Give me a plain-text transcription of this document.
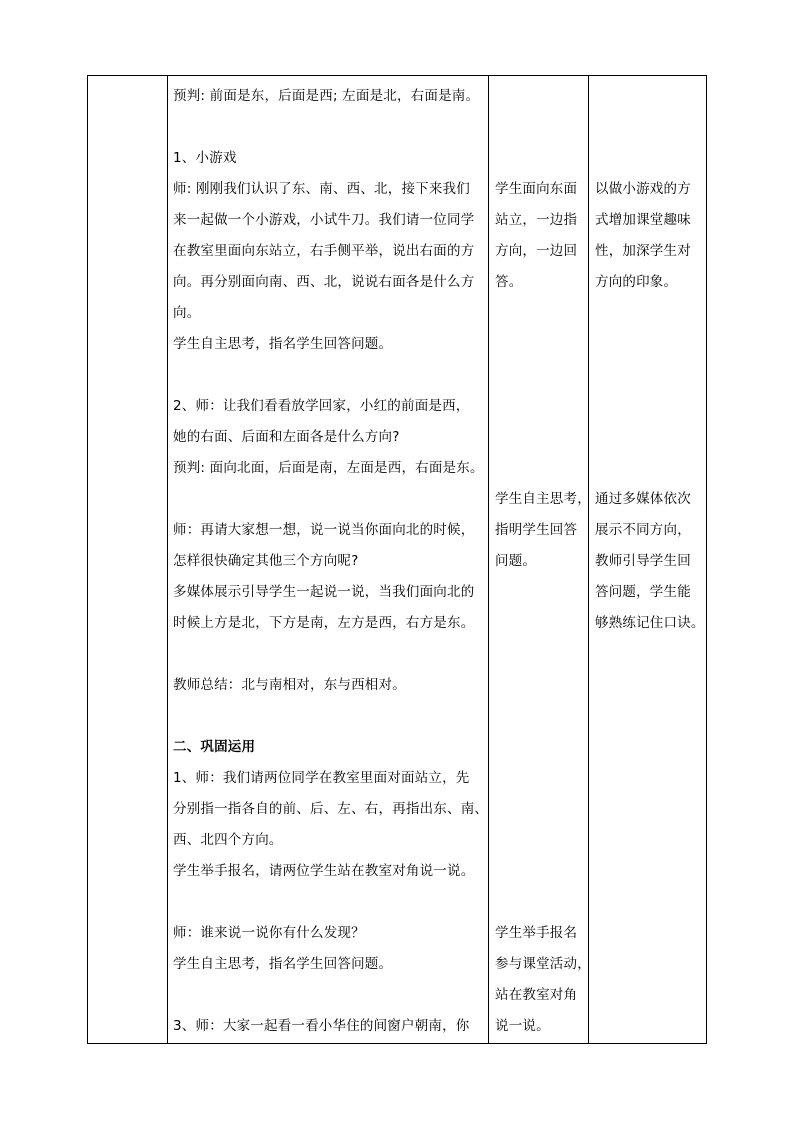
预判: 前面是东，后面是西; 左面是北，右面是南。
1、小游戏
师: 刚刚我们认识了东、南、西、北，接下来我们
来一起做一个小游戏，小试牛刀。我们请一位同学
在教室里面向东站立，右手侧平举，说出右面的方
向。再分别面向南、西、北，说说右面各是什么方
向。
学生自主思考，指名学生回答问题。
2、师：让我们看看放学回家，小红的前面是西，
她的右面、后面和左面各是什么方向?
预判: 面向北面，后面是南，左面是西，右面是东。
师：再请大家想一想，说一说当你面向北的时候，
怎样很快确定其他三个方向呢?
多媒体展示引导学生一起说一说，当我们面向北的
时候上方是北，下方是南，左方是西，右方是东。
教师总结：北与南相对，东与西相对。
二、巩固运用
1、师：我们请两位同学在教室里面对面站立，先
分别指一指各自的前、后、左、右，再指出东、南、
西、北四个方向。
学生举手报名，请两位学生站在教室对角说一说。
师：谁来说一说你有什么发现？
学生自主思考，指名学生回答问题。
3、师：大家一起看一看小华住的间窗户朝南，你
学生面向东面
站立，一边指
方向，一边回
答。
学生自主思考，
指明学生回答
问题。
学生举手报名
参与课堂活动，
站在教室对角
说一说。
以做小游戏的方
式增加课堂趣味
性，加深学生对
方向的印象。
通过多媒体依次
展示不同方向，
教师引导学生回
答问题，学生能
够熟练记住口诀。
